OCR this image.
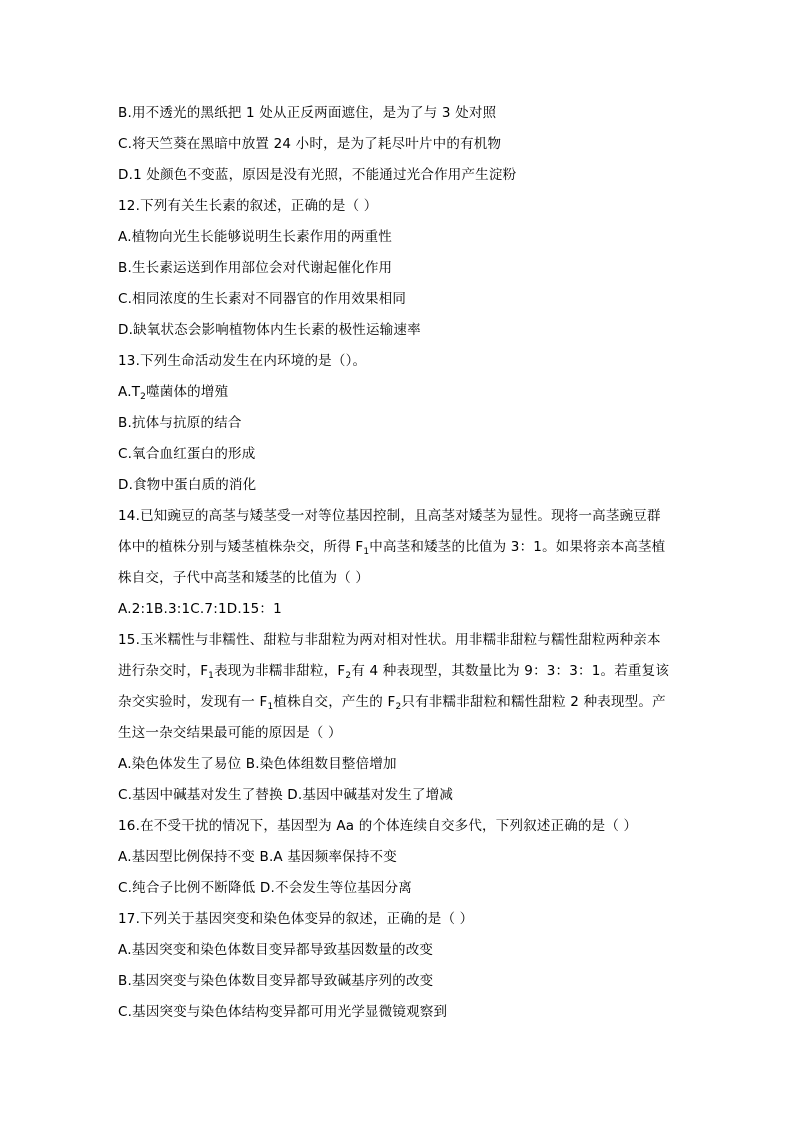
B.用不透光的黑纸把 1 处从正反两面遮住，是为了与 3 处对照
C.将天竺葵在黑暗中放置 24 小时，是为了耗尽叶片中的有机物
D.1 处颜色不变蓝，原因是没有光照，不能通过光合作用产生淀粉
12.下列有关生长素的叙述，正确的是（ ）
A.植物向光生长能够说明生长素作用的两重性
B.生长素运送到作用部位会对代谢起催化作用
C.相同浓度的生长素对不同器官的作用效果相同
D.缺氧状态会影响植物体内生长素的极性运输速率
13.下列生命活动发生在内环境的是（）。
$A.T_2$噬菌体的增殖
B.抗体与抗原的结合
C.氧合血红蛋白的形成
D.食物中蛋白质的消化
14.已知豌豆的高茎与矮茎受一对等位基因控制，且高茎对矮茎为显性。现将一高茎豌豆群
体中的植株分别与矮茎植株杂交，所得 $F_1$中高茎和矮茎的比值为 3：1。如果将亲本高茎植
株自交，子代中高茎和矮茎的比值为（ ）
A.2:1B.3:1C.7:1D.15：1
15.玉米糯性与非糯性、甜粒与非甜粒为两对相对性状。用非糯非甜粒与糯性甜粒两种亲本
进行杂交时，$F_1$表现为非糯非甜粒，$F_2$有 4 种表现型，其数量比为 9：3：3：1。若重复该
杂交实验时，发现有一 $F_1$植株自交，产生的 $F_2$只有非糯非甜粒和糯性甜粒 2 种表现型。产
生这一杂交结果最可能的原因是（ ）
A.染色体发生了易位 B.染色体组数目整倍增加
C.基因中碱基对发生了替换 D.基因中碱基对发生了增减
16.在不受干扰的情况下，基因型为 Aa 的个体连续自交多代，下列叙述正确的是（ ）
A.基因型比例保持不变 B.A 基因频率保持不变
C.纯合子比例不断降低 D.不会发生等位基因分离
17.下列关于基因突变和染色体变异的叙述，正确的是（ ）
A.基因突变和染色体数目变异都导致基因数量的改变
B.基因突变与染色体数目变异都导致碱基序列的改变
C.基因突变与染色体结构变异都可用光学显微镜观察到
